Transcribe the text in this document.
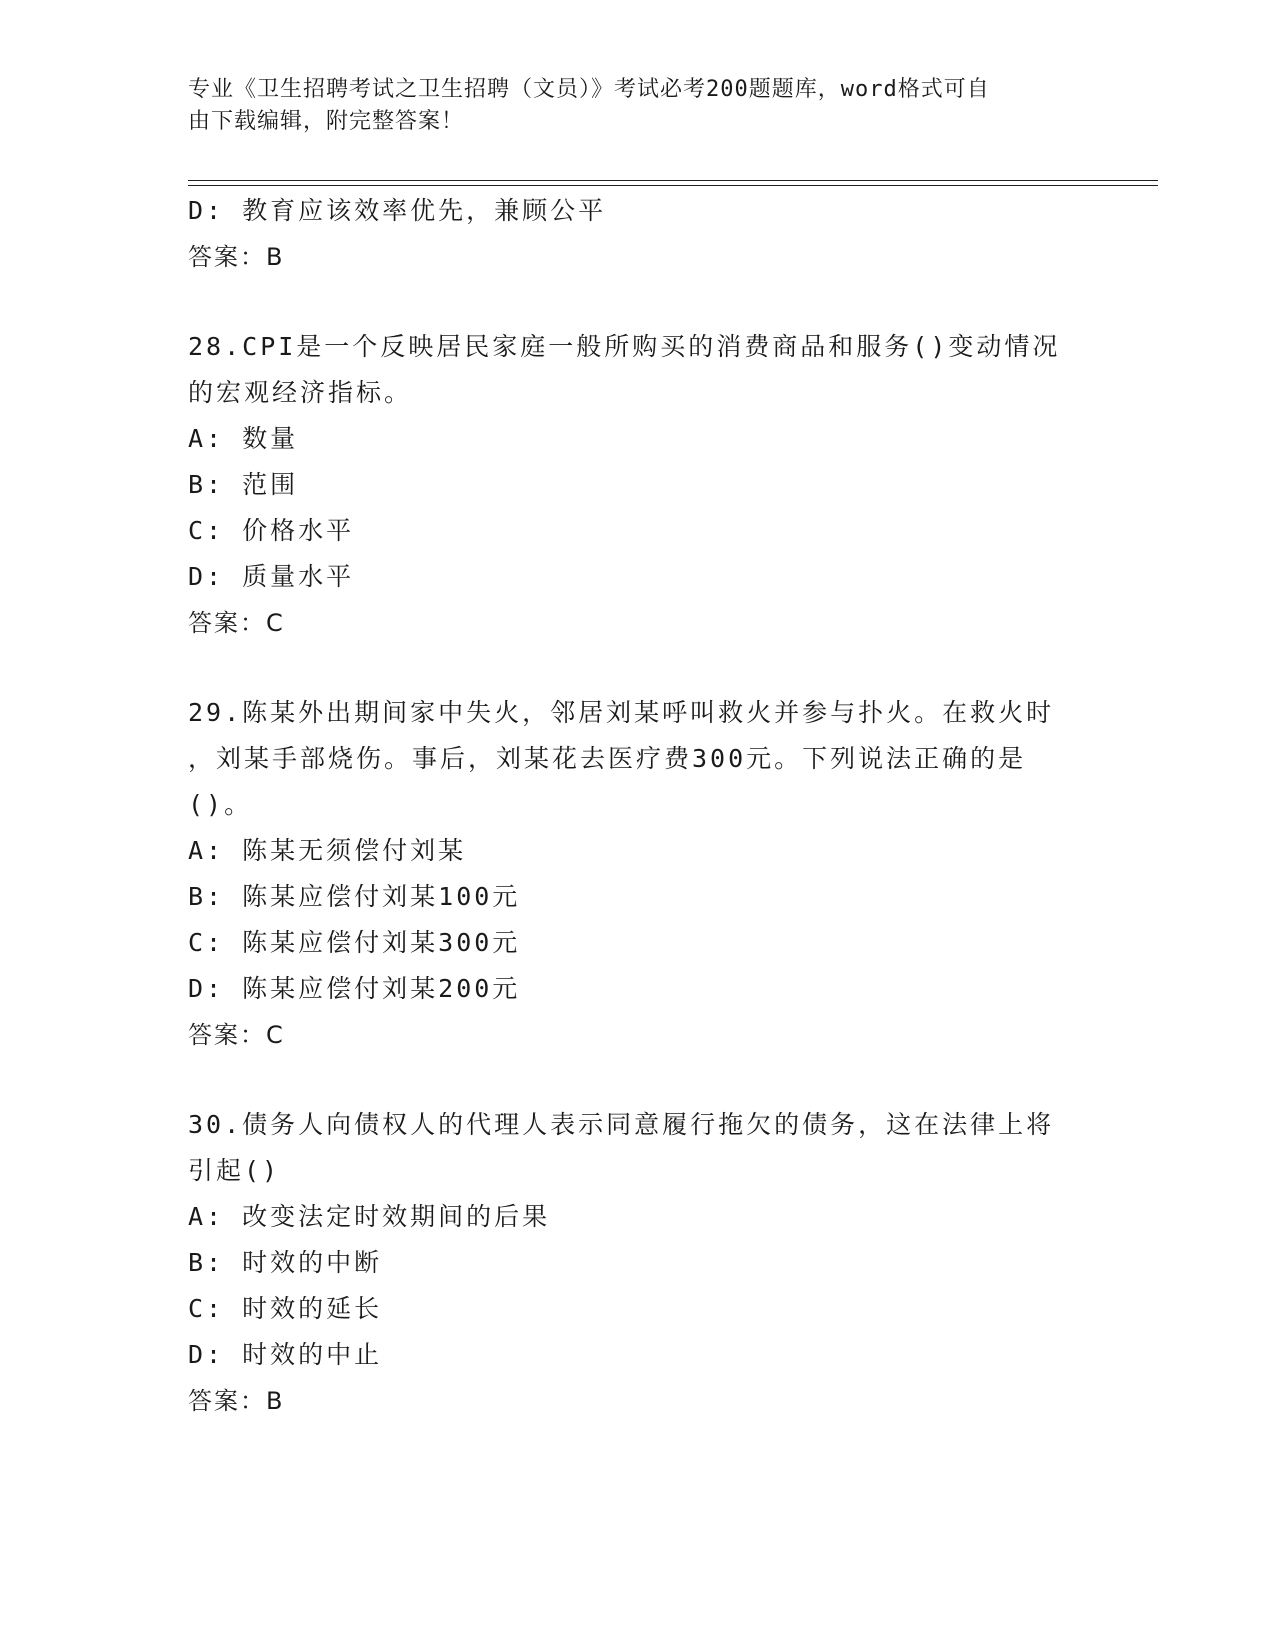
专业《卫生招聘考试之卫生招聘（文员）》考试必考200题题库，word格式可自
由下载编辑，附完整答案！
D: 教育应该效率优先，兼顾公平
答案：B
28.CPI是一个反映居民家庭一般所购买的消费商品和服务()变动情况
的宏观经济指标。
A: 数量
B: 范围
C: 价格水平
D: 质量水平
答案：C
29.陈某外出期间家中失火，邻居刘某呼叫救火并参与扑火。在救火时
，刘某手部烧伤。事后，刘某花去医疗费300元。下列说法正确的是
()。
A: 陈某无须偿付刘某
B: 陈某应偿付刘某100元
C: 陈某应偿付刘某300元
D: 陈某应偿付刘某200元
答案：C
30.债务人向债权人的代理人表示同意履行拖欠的债务，这在法律上将
引起()
A: 改变法定时效期间的后果
B: 时效的中断
C: 时效的延长
D: 时效的中止
答案：B
